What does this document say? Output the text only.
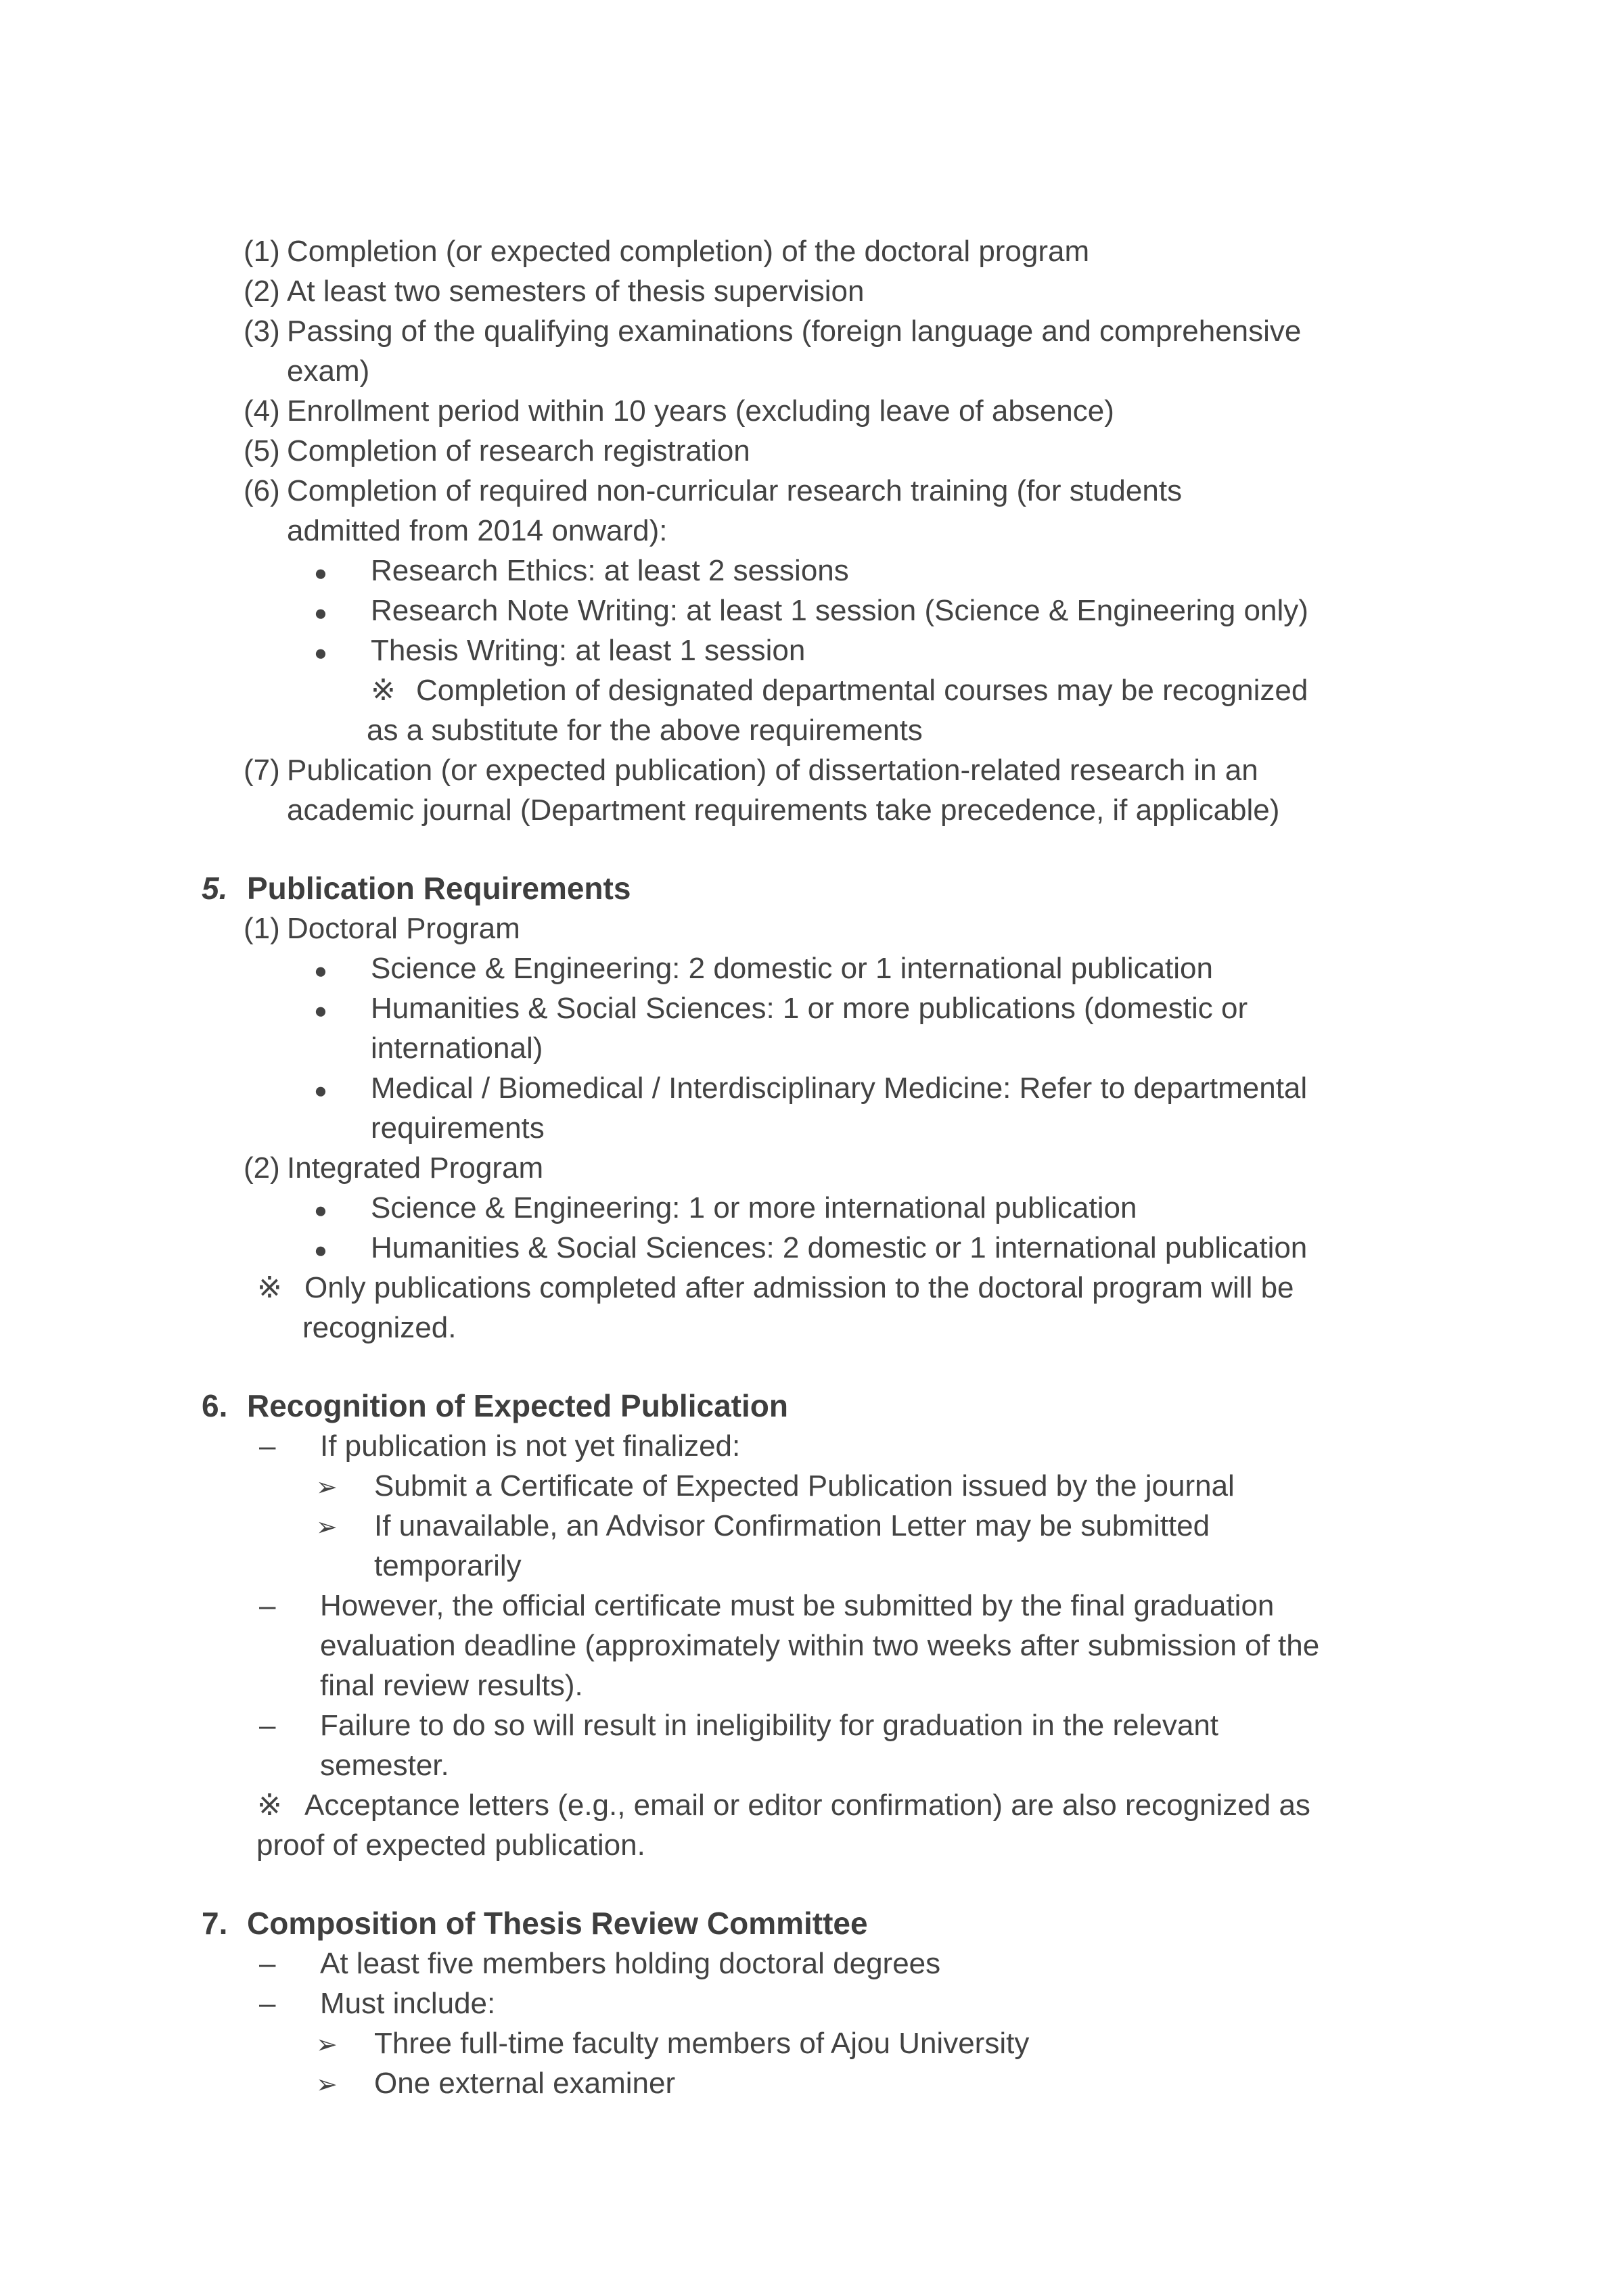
(1) Completion (or expected completion) of the doctoral program
(2) At least two semesters of thesis supervision
(3) Passing of the qualifying examinations (foreign language and comprehensive
exam)
(4) Enrollment period within 10 years (excluding leave of absence)
(5) Completion of research registration
(6) Completion of required non-curricular research training (for students
admitted from 2014 onward):
● Research Ethics: at least 2 sessions
● Research Note Writing: at least 1 session (Science & Engineering only)
● Thesis Writing: at least 1 session
※ Completion of designated departmental courses may be recognized
as a substitute for the above requirements
(7) Publication (or expected publication) of dissertation-related research in an
academic journal (Department requirements take precedence, if applicable)
5. Publication Requirements
(1) Doctoral Program
● Science & Engineering: 2 domestic or 1 international publication
● Humanities & Social Sciences: 1 or more publications (domestic or
international)
● Medical / Biomedical / Interdisciplinary Medicine: Refer to departmental
requirements
(2) Integrated Program
● Science & Engineering: 1 or more international publication
● Humanities & Social Sciences: 2 domestic or 1 international publication
※ Only publications completed after admission to the doctoral program will be
recognized.
6. Recognition of Expected Publication
– If publication is not yet finalized:
➢ Submit a Certificate of Expected Publication issued by the journal
➢ If unavailable, an Advisor Confirmation Letter may be submitted
temporarily
– However, the official certificate must be submitted by the final graduation
evaluation deadline (approximately within two weeks after submission of the
final review results).
– Failure to do so will result in ineligibility for graduation in the relevant
semester.
※ Acceptance letters (e.g., email or editor confirmation) are also recognized as
proof of expected publication.
7. Composition of Thesis Review Committee
– At least five members holding doctoral degrees
– Must include:
➢ Three full-time faculty members of Ajou University
➢ One external examiner
